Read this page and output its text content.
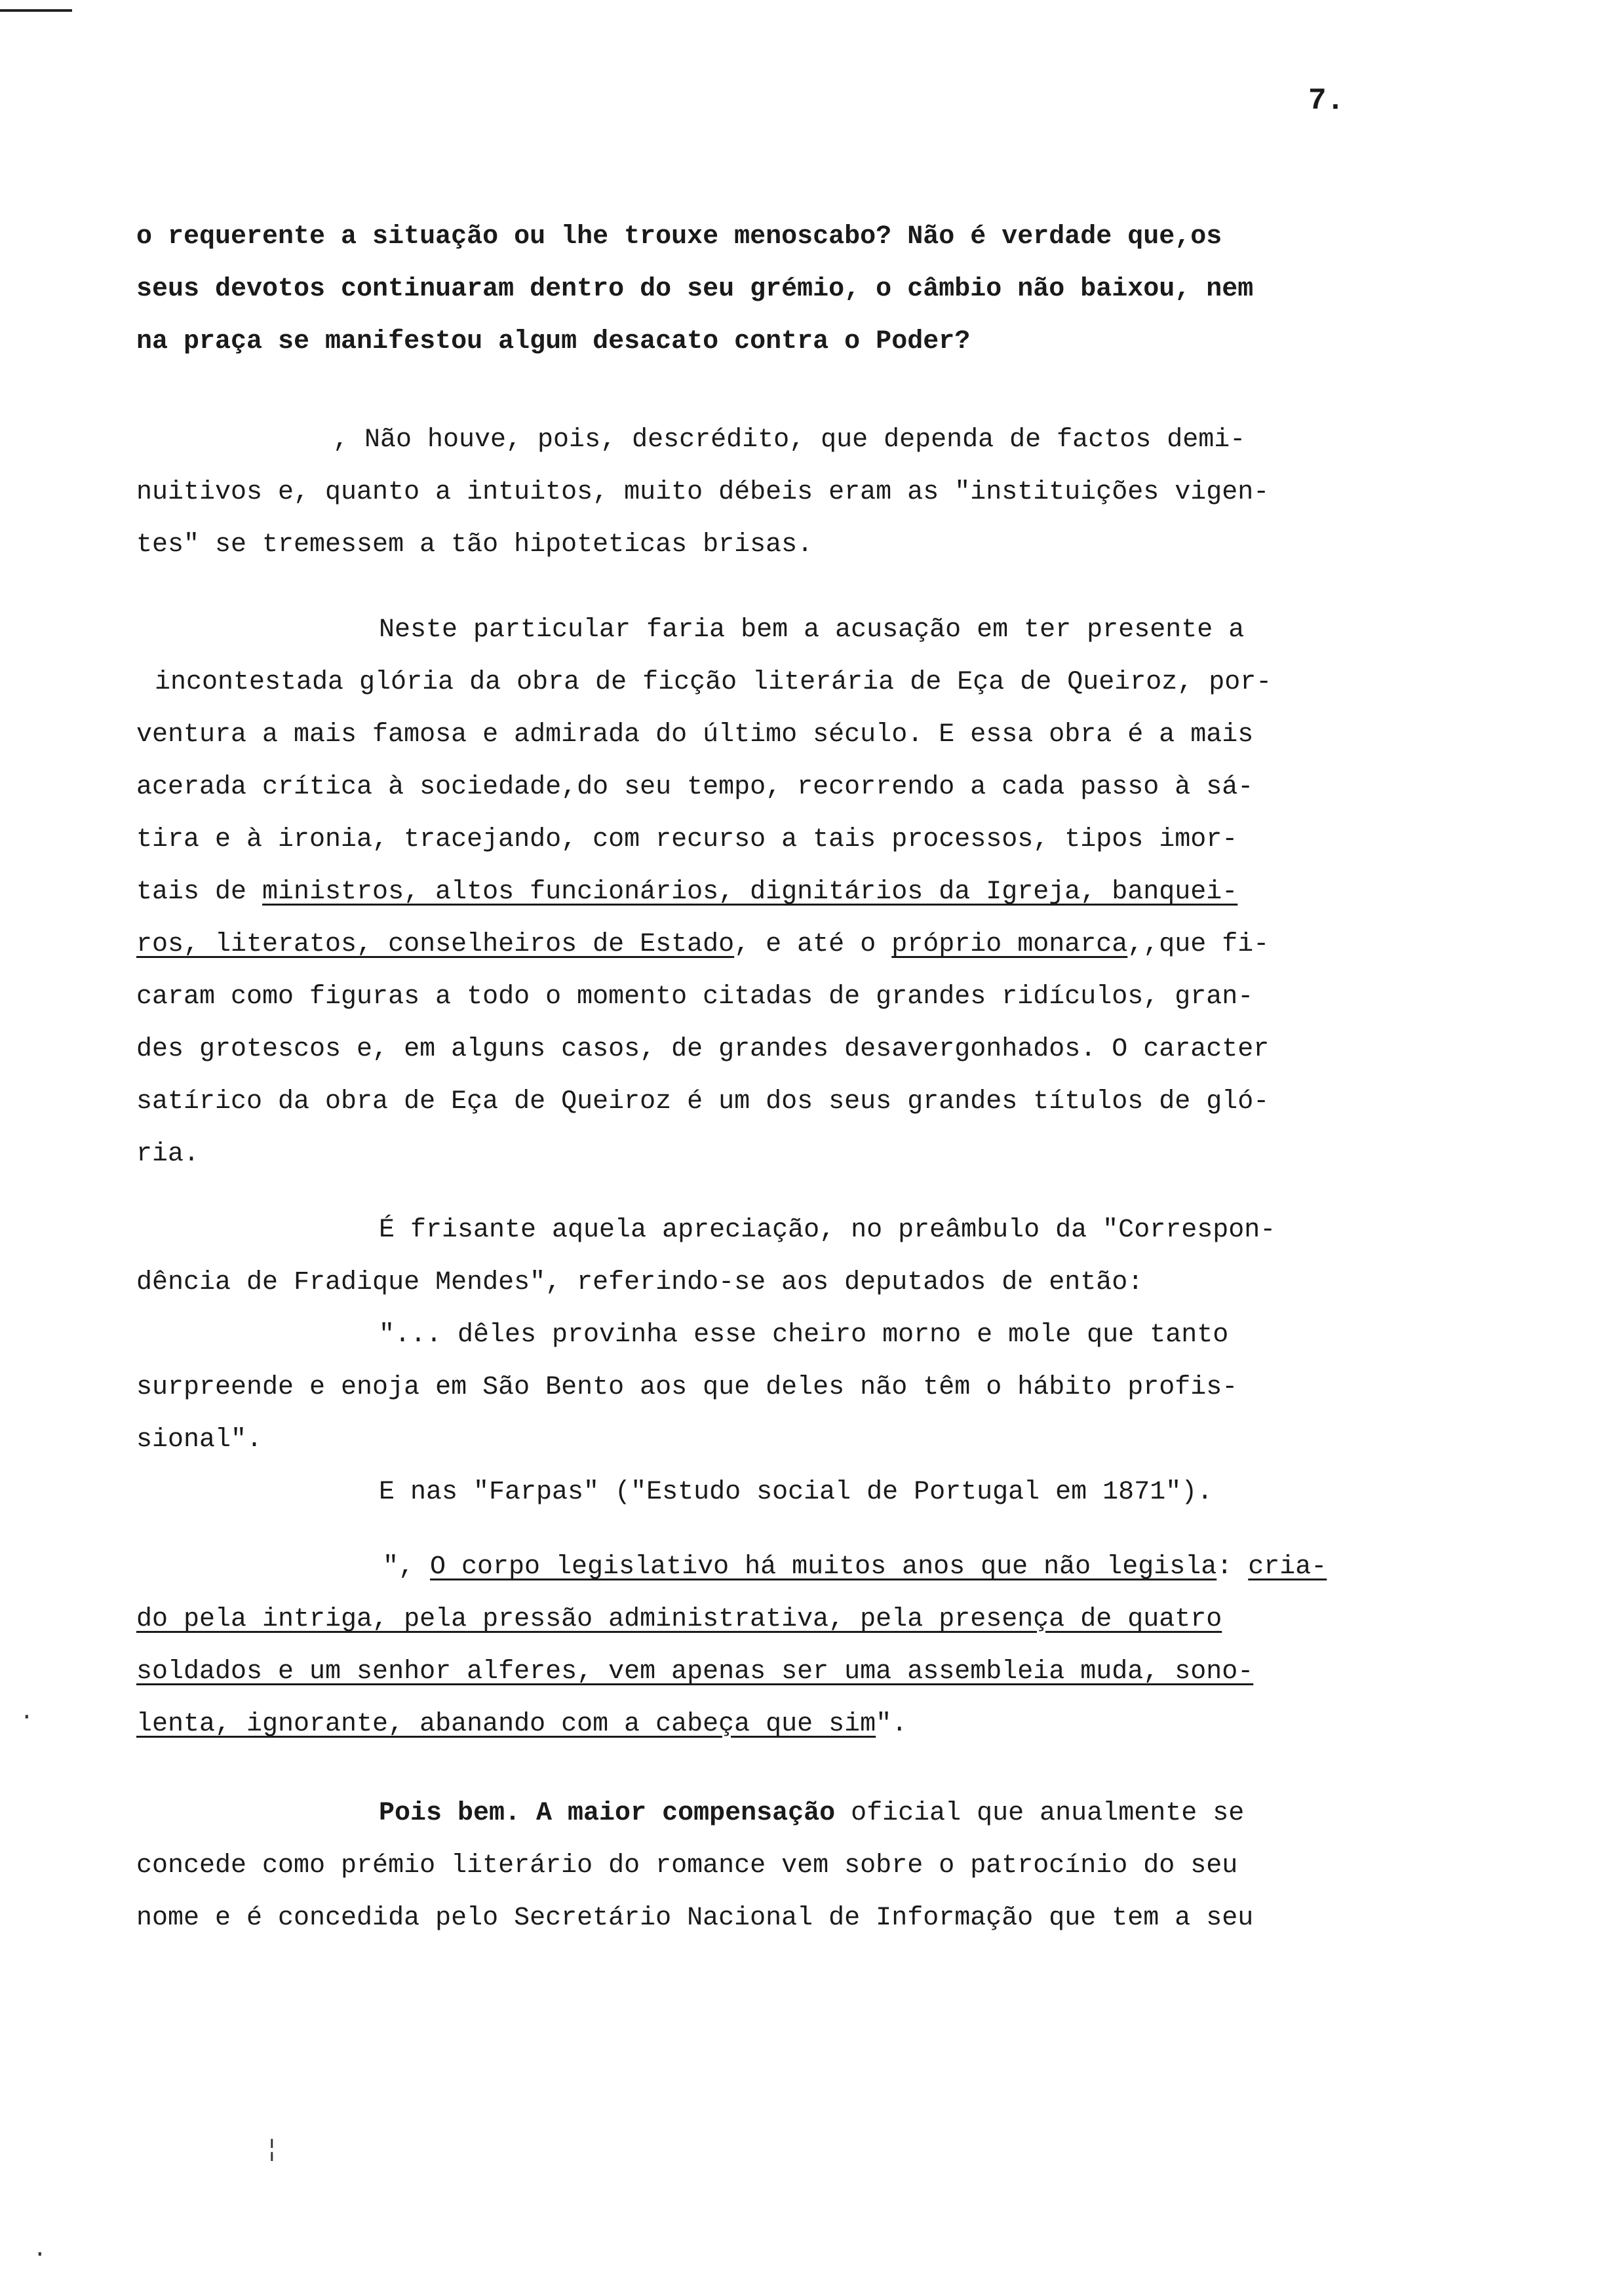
7.
o requerente a situação ou lhe trouxe menoscabo? Não é verdade que,os
seus devotos continuaram dentro do seu grémio, o câmbio não baixou, nem
na praça se manifestou algum desacato contra o Poder?
, Não houve, pois, descrédito, que dependa de factos demi-
nuitivos e, quanto a intuitos, muito débeis eram as "instituições vigen-
tes" se tremessem a tão hipoteticas brisas.
Neste particular faria bem a acusação em ter presente a
incontestada glória da obra de ficção literária de Eça de Queiroz, por-
ventura a mais famosa e admirada do último século. E essa obra é a mais
acerada crítica à sociedade,do seu tempo, recorrendo a cada passo à sá-
tira e à ironia, tracejando, com recurso a tais processos, tipos imor-
tais de ministros, altos funcionários, dignitários da Igreja, banquei-
ros, literatos, conselheiros de Estado, e até o próprio monarca,,que fi-
caram como figuras a todo o momento citadas de grandes ridículos, gran-
des grotescos e, em alguns casos, de grandes desavergonhados. O caracter
satírico da obra de Eça de Queiroz é um dos seus grandes títulos de gló-
ria.
É frisante aquela apreciação, no preâmbulo da "Correspon-
dência de Fradique Mendes", referindo-se aos deputados de então:
"... dêles provinha esse cheiro morno e mole que tanto
surpreende e enoja em São Bento aos que deles não têm o hábito profis-
sional".
E nas "Farpas" ("Estudo social de Portugal em 1871").
", O corpo legislativo há muitos anos que não legisla: cria-
do pela intriga, pela pressão administrativa, pela presença de quatro
soldados e um senhor alferes, vem apenas ser uma assembleia muda, sono-
lenta, ignorante, abanando com a cabeça que sim".
Pois bem. A maior compensação oficial que anualmente se
concede como prémio literário do romance vem sobre o patrocínio do seu
nome e é concedida pelo Secretário Nacional de Informação que tem a seu
·
¦
·
